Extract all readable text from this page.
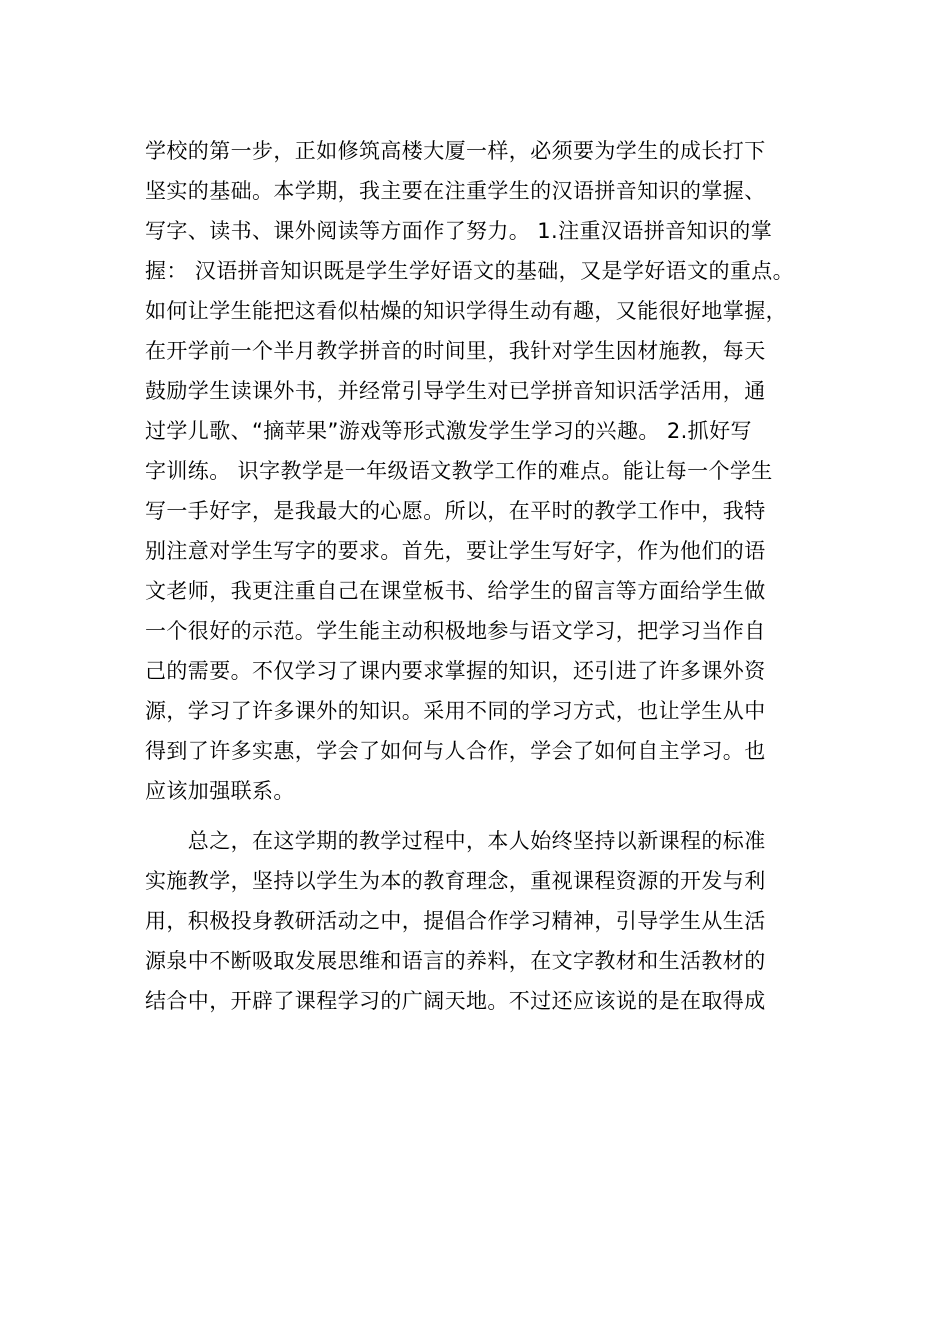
学校的第一步，正如修筑高楼大厦一样，必须要为学生的成长打下
坚实的基础。本学期，我主要在注重学生的汉语拼音知识的掌握、
写字、读书、课外阅读等方面作了努力。 1.注重汉语拼音知识的掌
握： 汉语拼音知识既是学生学好语文的基础，又是学好语文的重点。
如何让学生能把这看似枯燥的知识学得生动有趣，又能很好地掌握，
在开学前一个半月教学拼音的时间里，我针对学生因材施教，每天
鼓励学生读课外书，并经常引导学生对已学拼音知识活学活用，通
过学儿歌、“摘苹果”游戏等形式激发学生学习的兴趣。 2.抓好写
字训练。 识字教学是一年级语文教学工作的难点。能让每一个学生
写一手好字，是我最大的心愿。所以，在平时的教学工作中，我特
别注意对学生写字的要求。首先，要让学生写好字，作为他们的语
文老师，我更注重自己在课堂板书、给学生的留言等方面给学生做
一个很好的示范。学生能主动积极地参与语文学习，把学习当作自
己的需要。不仅学习了课内要求掌握的知识，还引进了许多课外资
源，学习了许多课外的知识。采用不同的学习方式，也让学生从中
得到了许多实惠，学会了如何与人合作，学会了如何自主学习。也
应该加强联系。
　　总之，在这学期的教学过程中，本人始终坚持以新课程的标准
实施教学，坚持以学生为本的教育理念，重视课程资源的开发与利
用，积极投身教研活动之中，提倡合作学习精神，引导学生从生活
源泉中不断吸取发展思维和语言的养料，在文字教材和生活教材的
结合中，开辟了课程学习的广阔天地。不过还应该说的是在取得成
